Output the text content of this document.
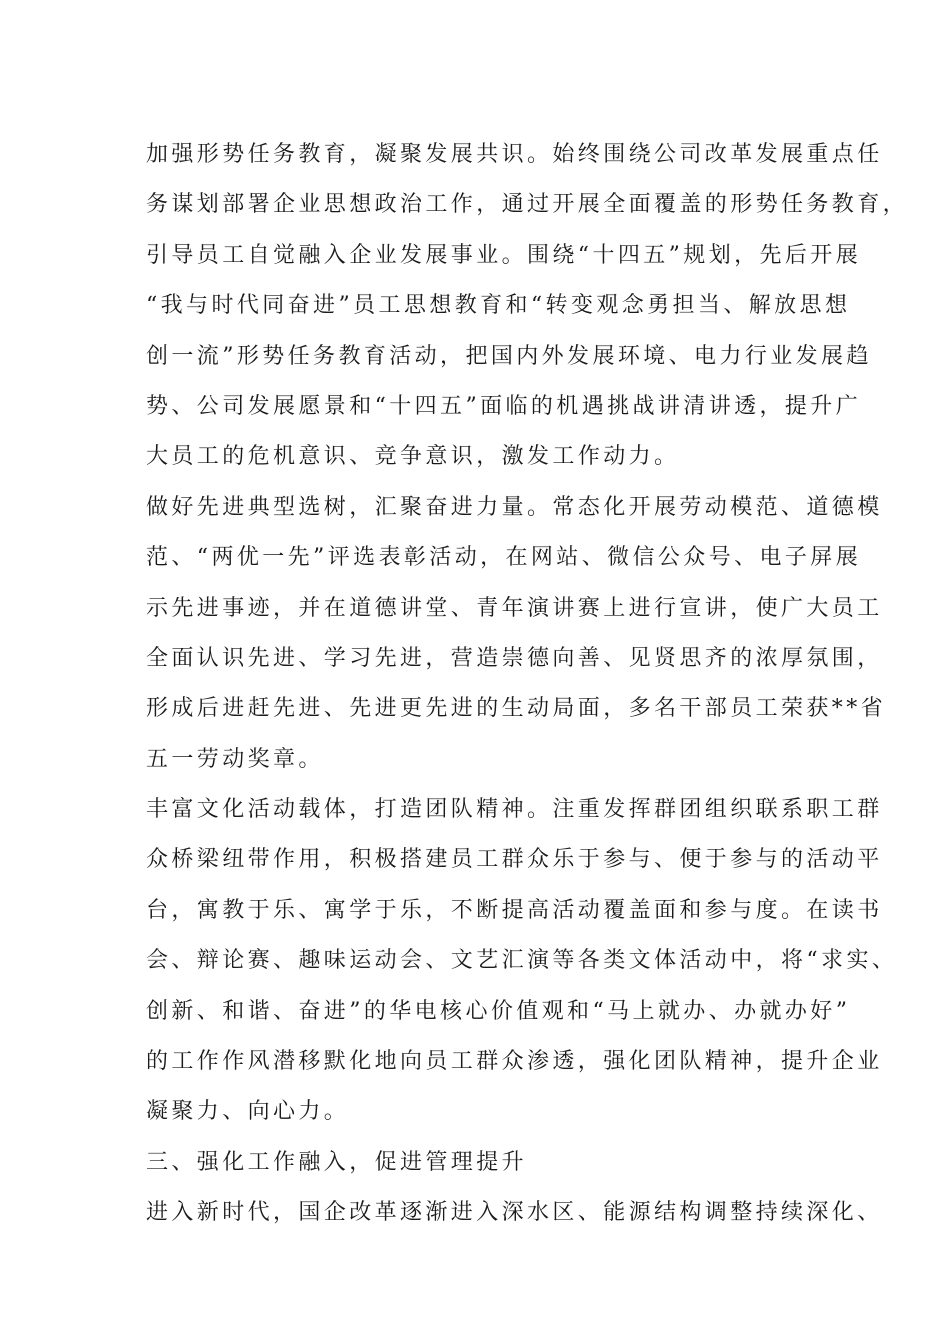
加强形势任务教育，凝聚发展共识。始终围绕公司改革发展重点任
务谋划部署企业思想政治工作，通过开展全面覆盖的形势任务教育，
引导员工自觉融入企业发展事业。围绕“十四五”规划，先后开展
“我与时代同奋进”员工思想教育和“转变观念勇担当、解放思想
创一流”形势任务教育活动，把国内外发展环境、电力行业发展趋
势、公司发展愿景和“十四五”面临的机遇挑战讲清讲透，提升广
大员工的危机意识、竞争意识，激发工作动力。
做好先进典型选树，汇聚奋进力量。常态化开展劳动模范、道德模
范、“两优一先”评选表彰活动，在网站、微信公众号、电子屏展
示先进事迹，并在道德讲堂、青年演讲赛上进行宣讲，使广大员工
全面认识先进、学习先进，营造崇德向善、见贤思齐的浓厚氛围，
形成后进赶先进、先进更先进的生动局面，多名干部员工荣获**省
五一劳动奖章。
丰富文化活动载体，打造团队精神。注重发挥群团组织联系职工群
众桥梁纽带作用，积极搭建员工群众乐于参与、便于参与的活动平
台，寓教于乐、寓学于乐，不断提高活动覆盖面和参与度。在读书
会、辩论赛、趣味运动会、文艺汇演等各类文体活动中，将“求实、
创新、和谐、奋进”的华电核心价值观和“马上就办、办就办好”
的工作作风潜移默化地向员工群众渗透，强化团队精神，提升企业
凝聚力、向心力。
三、强化工作融入，促进管理提升
进入新时代，国企改革逐渐进入深水区、能源结构调整持续深化、
